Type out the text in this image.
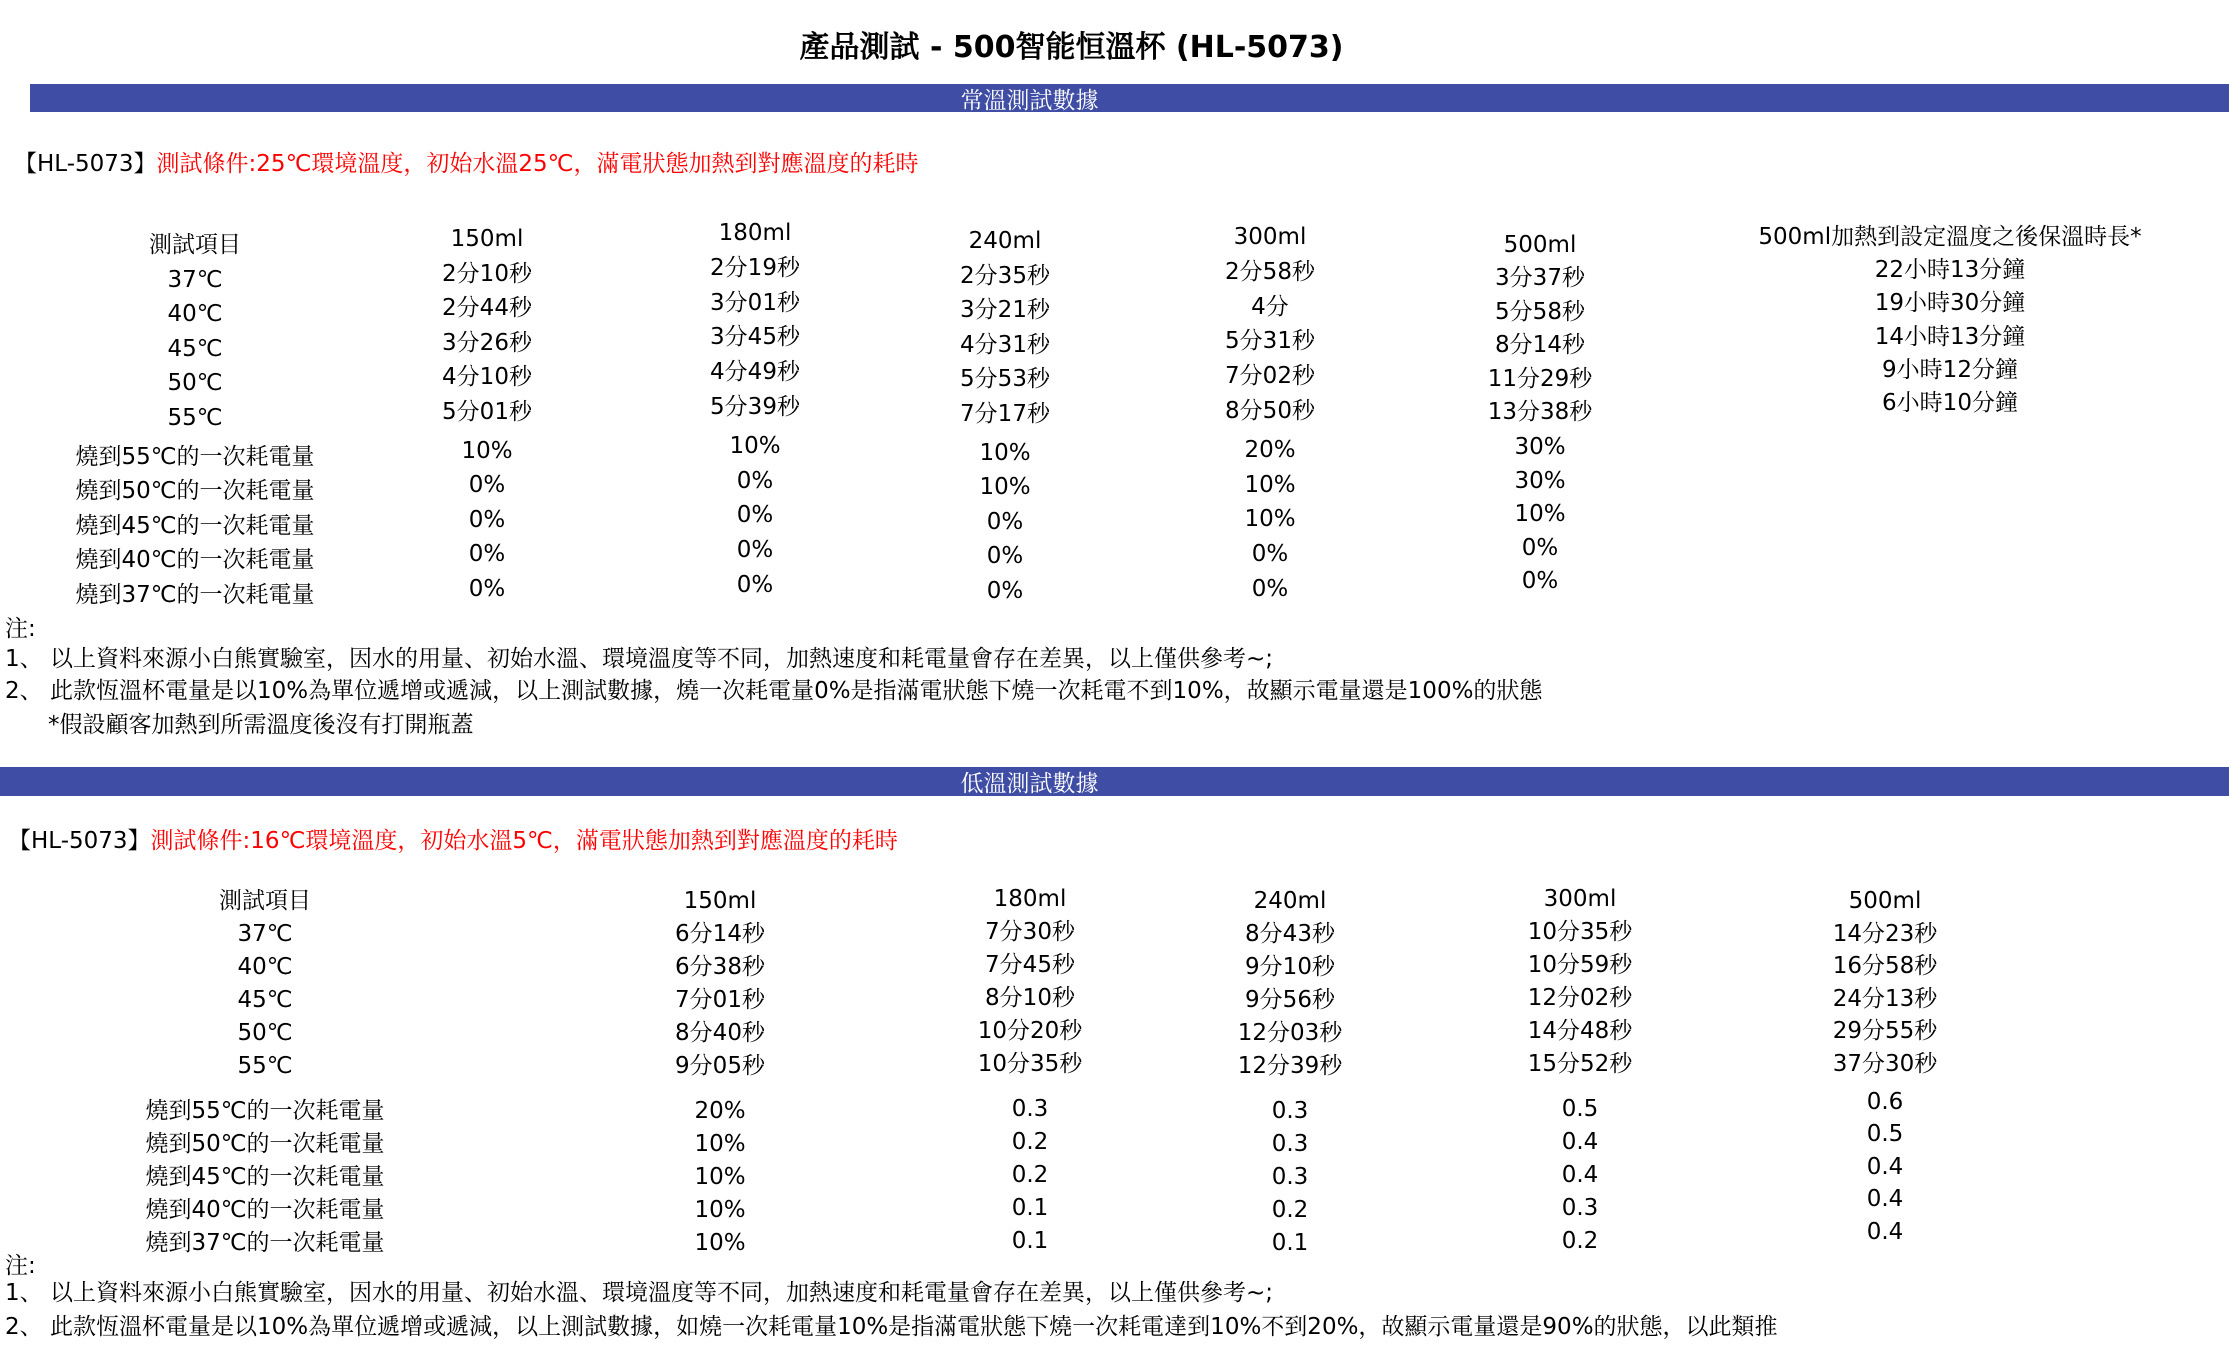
產品測試 - 500智能恒溫杯 (HL-5073)
常溫測試數據
【HL-5073】測試條件:25℃環境溫度，初始水溫25℃，滿電狀態加熱到對應溫度的耗時
測試項目
37℃
40℃
45℃
50℃
55℃
燒到55℃的一次耗電量
燒到50℃的一次耗電量
燒到45℃的一次耗電量
燒到40℃的一次耗電量
燒到37℃的一次耗電量
150ml
2分10秒
2分44秒
3分26秒
4分10秒
5分01秒
10%
0%
0%
0%
0%
180ml
2分19秒
3分01秒
3分45秒
4分49秒
5分39秒
10%
0%
0%
0%
0%
240ml
2分35秒
3分21秒
4分31秒
5分53秒
7分17秒
10%
10%
0%
0%
0%
300ml
2分58秒
4分
5分31秒
7分02秒
8分50秒
20%
10%
10%
0%
0%
500ml
3分37秒
5分58秒
8分14秒
11分29秒
13分38秒
30%
30%
10%
0%
0%
500ml加熱到設定溫度之後保溫時長*
22小時13分鐘
19小時30分鐘
14小時13分鐘
9小時12分鐘
6小時10分鐘
注:
1、 以上資料來源小白熊實驗室，因水的用量、初始水溫、環境溫度等不同，加熱速度和耗電量會存在差異，以上僅供參考~;
2、 此款恆溫杯電量是以10%為單位遞增或遞減，以上測試數據，燒一次耗電量0%是指滿電狀態下燒一次耗電不到10%，故顯示電量還是100%的狀態
*假設顧客加熱到所需溫度後沒有打開瓶蓋
低溫測試數據
【HL-5073】測試條件:16℃環境溫度，初始水溫5℃，滿電狀態加熱到對應溫度的耗時
測試項目
37℃
40℃
45℃
50℃
55℃
燒到55℃的一次耗電量
燒到50℃的一次耗電量
燒到45℃的一次耗電量
燒到40℃的一次耗電量
燒到37℃的一次耗電量
150ml
6分14秒
6分38秒
7分01秒
8分40秒
9分05秒
20%
10%
10%
10%
10%
180ml
7分30秒
7分45秒
8分10秒
10分20秒
10分35秒
0.3
0.2
0.2
0.1
0.1
240ml
8分43秒
9分10秒
9分56秒
12分03秒
12分39秒
0.3
0.3
0.3
0.2
0.1
300ml
10分35秒
10分59秒
12分02秒
14分48秒
15分52秒
0.5
0.4
0.4
0.3
0.2
500ml
14分23秒
16分58秒
24分13秒
29分55秒
37分30秒
0.6
0.5
0.4
0.4
0.4
注:
1、 以上資料來源小白熊實驗室，因水的用量、初始水溫、環境溫度等不同，加熱速度和耗電量會存在差異，以上僅供參考~;
2、 此款恆溫杯電量是以10%為單位遞增或遞減，以上測試數據，如燒一次耗電量10%是指滿電狀態下燒一次耗電達到10%不到20%，故顯示電量還是90%的狀態，以此類推
